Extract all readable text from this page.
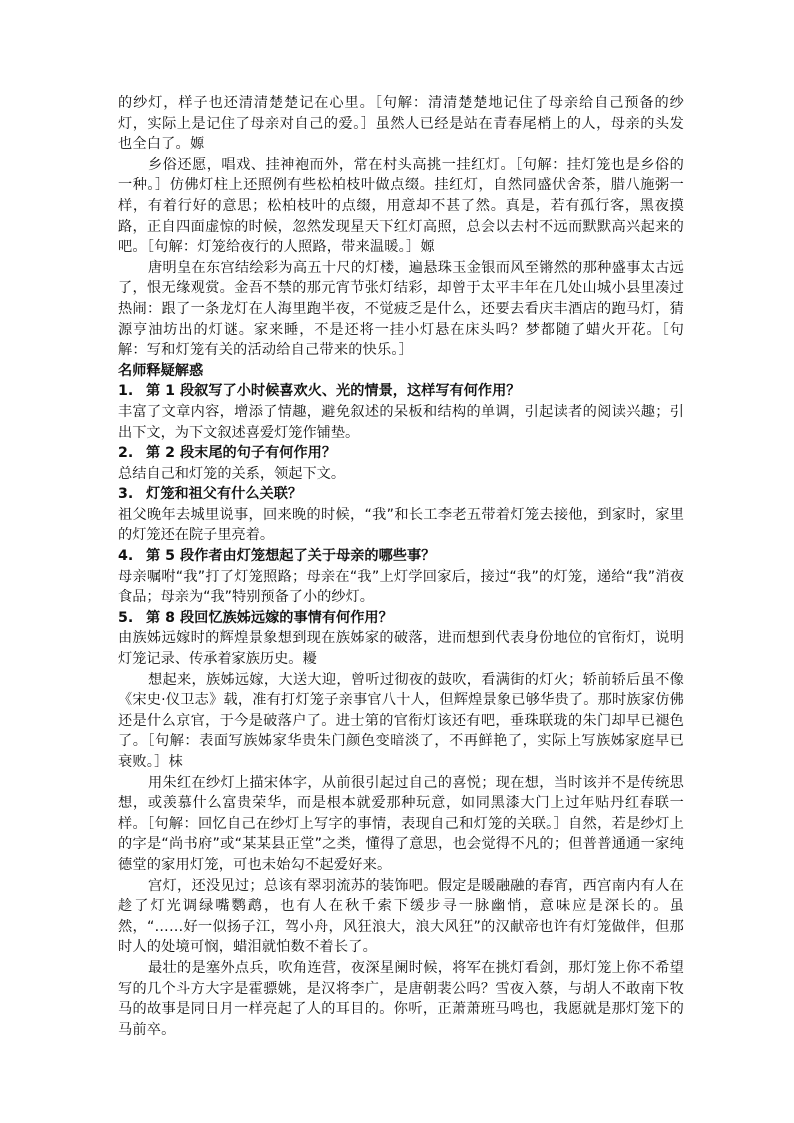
的纱灯，样子也还清清楚楚记在心里。［句解：清清楚楚地记住了母亲给自己预备的纱灯，实际上是记住了母亲对自己的爱。］虽然人已经是站在青春尾梢上的人，母亲的头发也全白了。嫄

乡俗还愿，唱戏、挂神袍而外，常在村头高挑一挂红灯。［句解：挂灯笼也是乡俗的一种。］仿佛灯柱上还照例有些松柏枝叶做点缀。挂红灯，自然同盛伏舍茶，腊八施粥一样，有着行好的意思；松柏枝叶的点缀，用意却不甚了然。真是，若有孤行客，黑夜摸路，正自四面虚惊的时候，忽然发现星天下红灯高照，总会以去村不远而默默高兴起来的吧。［句解：灯笼给夜行的人照路，带来温暖。］嫄

唐明皇在东宫结绘彩为高五十尺的灯楼，遍悬珠玉金银而风至锵然的那种盛事太古远了，恨无缘观赏。金吾不禁的那元宵节张灯结彩，却曾于太平丰年在几处山城小县里凑过热闹：跟了一条龙灯在人海里跑半夜，不觉疲乏是什么，还要去看庆丰酒店的跑马灯，猜源亨油坊出的灯谜。家来睡，不是还将一挂小灯悬在床头吗？梦都随了蜡火开花。［句解：写和灯笼有关的活动给自己带来的快乐。］

名师释疑解惑

1. 第 1 段叙写了小时候喜欢火、光的情景，这样写有何作用？

丰富了文章内容，增添了情趣，避免叙述的呆板和结构的单调，引起读者的阅读兴趣；引出下文，为下文叙述喜爱灯笼作铺垫。

2. 第 2 段末尾的句子有何作用？

总结自己和灯笼的关系，领起下文。

3. 灯笼和祖父有什么关联？

祖父晚年去城里说事，回来晚的时候，“我”和长工李老五带着灯笼去接他，到家时，家里的灯笼还在院子里亮着。

4. 第 5 段作者由灯笼想起了关于母亲的哪些事？

母亲嘱咐“我”打了灯笼照路；母亲在“我”上灯学回家后，接过“我”的灯笼，递给“我”消夜食品；母亲为“我”特别预备了小的纱灯。

5. 第 8 段回忆族姊远嫁的事情有何作用？

由族姊远嫁时的辉煌景象想到现在族姊家的破落，进而想到代表身份地位的官衔灯，说明灯笼记录、传承着家族历史。耰

想起来，族姊远嫁，大送大迎，曾听过彻夜的鼓吹，看满街的灯火；轿前轿后虽不像《宋史·仪卫志》载，准有打灯笼子亲事官八十人，但辉煌景象已够华贵了。那时族家仿佛还是什么京官，于今是破落户了。进士第的官衔灯该还有吧，垂珠联珑的朱门却早已褪色了。［句解：表面写族姊家华贵朱门颜色变暗淡了，不再鲜艳了，实际上写族姊家庭早已衰败。］枺

用朱红在纱灯上描宋体字，从前很引起过自己的喜悦；现在想，当时该并不是传统思想，或羡慕什么富贵荣华，而是根本就爱那种玩意，如同黑漆大门上过年贴丹红春联一样。［句解：回忆自己在纱灯上写字的事情，表现自己和灯笼的关联。］自然，若是纱灯上的字是“尚书府”或“某某县正堂”之类，懂得了意思，也会觉得不凡的；但普普通通一家纯德堂的家用灯笼，可也未始勾不起爱好来。

宫灯，还没见过；总该有翠羽流苏的装饰吧。假定是暖融融的春宵，西宫南内有人在趁了灯光调绿嘴鹦鹉，也有人在秋千索下缓步寻一脉幽悄，意味应是深长的。虽然，“……好一似扬子江，驾小舟，风狂浪大，浪大风狂”的汉献帝也许有灯笼做伴，但那时人的处境可悯，蜡泪就怕数不着长了。

最壮的是塞外点兵，吹角连营，夜深星阑时候，将军在挑灯看剑，那灯笼上你不希望写的几个斗方大字是霍骠姚，是汉将李广，是唐朝裴公吗？雪夜入蔡，与胡人不敢南下牧马的故事是同日月一样亮起了人的耳目的。你听，正萧萧班马鸣也，我愿就是那灯笼下的马前卒。
